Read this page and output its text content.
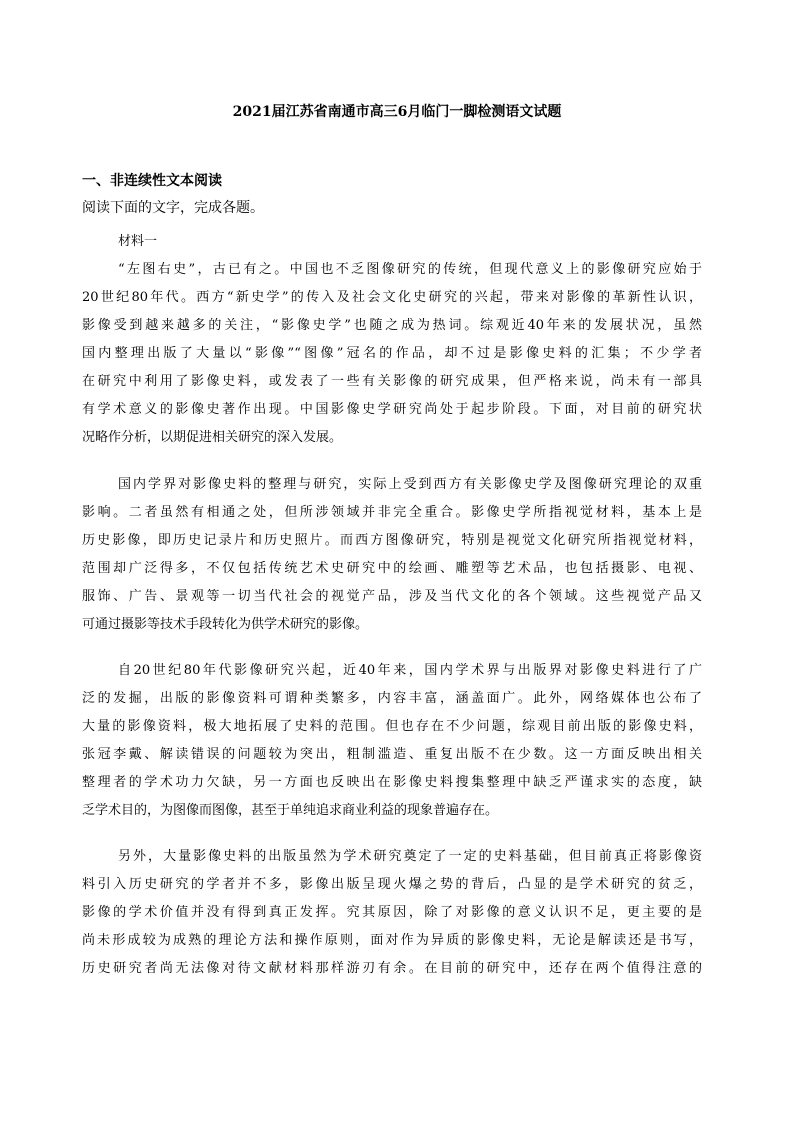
2021届江苏省南通市高三6月临门一脚检测语文试题
一、非连续性文本阅读
阅读下面的文字，完成各题。
材料一
“左图右史”，古已有之。中国也不乏图像研究的传统，但现代意义上的影像研究应始于
20世纪80年代。西方“新史学”的传入及社会文化史研究的兴起，带来对影像的革新性认识，
影像受到越来越多的关注，“影像史学”也随之成为热词。综观近40年来的发展状况，虽然
国内整理出版了大量以“影像”“图像”冠名的作品，却不过是影像史料的汇集；不少学者
在研究中利用了影像史料，或发表了一些有关影像的研究成果，但严格来说，尚未有一部具
有学术意义的影像史著作出现。中国影像史学研究尚处于起步阶段。下面，对目前的研究状
况略作分析，以期促进相关研究的深入发展。
国内学界对影像史料的整理与研究，实际上受到西方有关影像史学及图像研究理论的双重
影响。二者虽然有相通之处，但所涉领域并非完全重合。影像史学所指视觉材料，基本上是
历史影像，即历史记录片和历史照片。而西方图像研究，特别是视觉文化研究所指视觉材料，
范围却广泛得多，不仅包括传统艺术史研究中的绘画、雕塑等艺术品，也包括摄影、电视、
服饰、广告、景观等一切当代社会的视觉产品，涉及当代文化的各个领域。这些视觉产品又
可通过摄影等技术手段转化为供学术研究的影像。
自20世纪80年代影像研究兴起，近40年来，国内学术界与出版界对影像史料进行了广
泛的发掘，出版的影像资料可谓种类繁多，内容丰富，涵盖面广。此外，网络媒体也公布了
大量的影像资料，极大地拓展了史料的范围。但也存在不少问题，综观目前出版的影像史料，
张冠李戴、解读错误的问题较为突出，粗制滥造、重复出版不在少数。这一方面反映出相关
整理者的学术功力欠缺，另一方面也反映出在影像史料搜集整理中缺乏严谨求实的态度，缺
乏学术目的，为图像而图像，甚至于单纯追求商业利益的现象普遍存在。
另外，大量影像史料的出版虽然为学术研究奠定了一定的史料基础，但目前真正将影像资
料引入历史研究的学者并不多，影像出版呈现火爆之势的背后，凸显的是学术研究的贫乏，
影像的学术价值并没有得到真正发挥。究其原因，除了对影像的意义认识不足，更主要的是
尚未形成较为成熟的理论方法和操作原则，面对作为异质的影像史料，无论是解读还是书写，
历史研究者尚无法像对待文献材料那样游刃有余。在目前的研究中，还存在两个值得注意的
